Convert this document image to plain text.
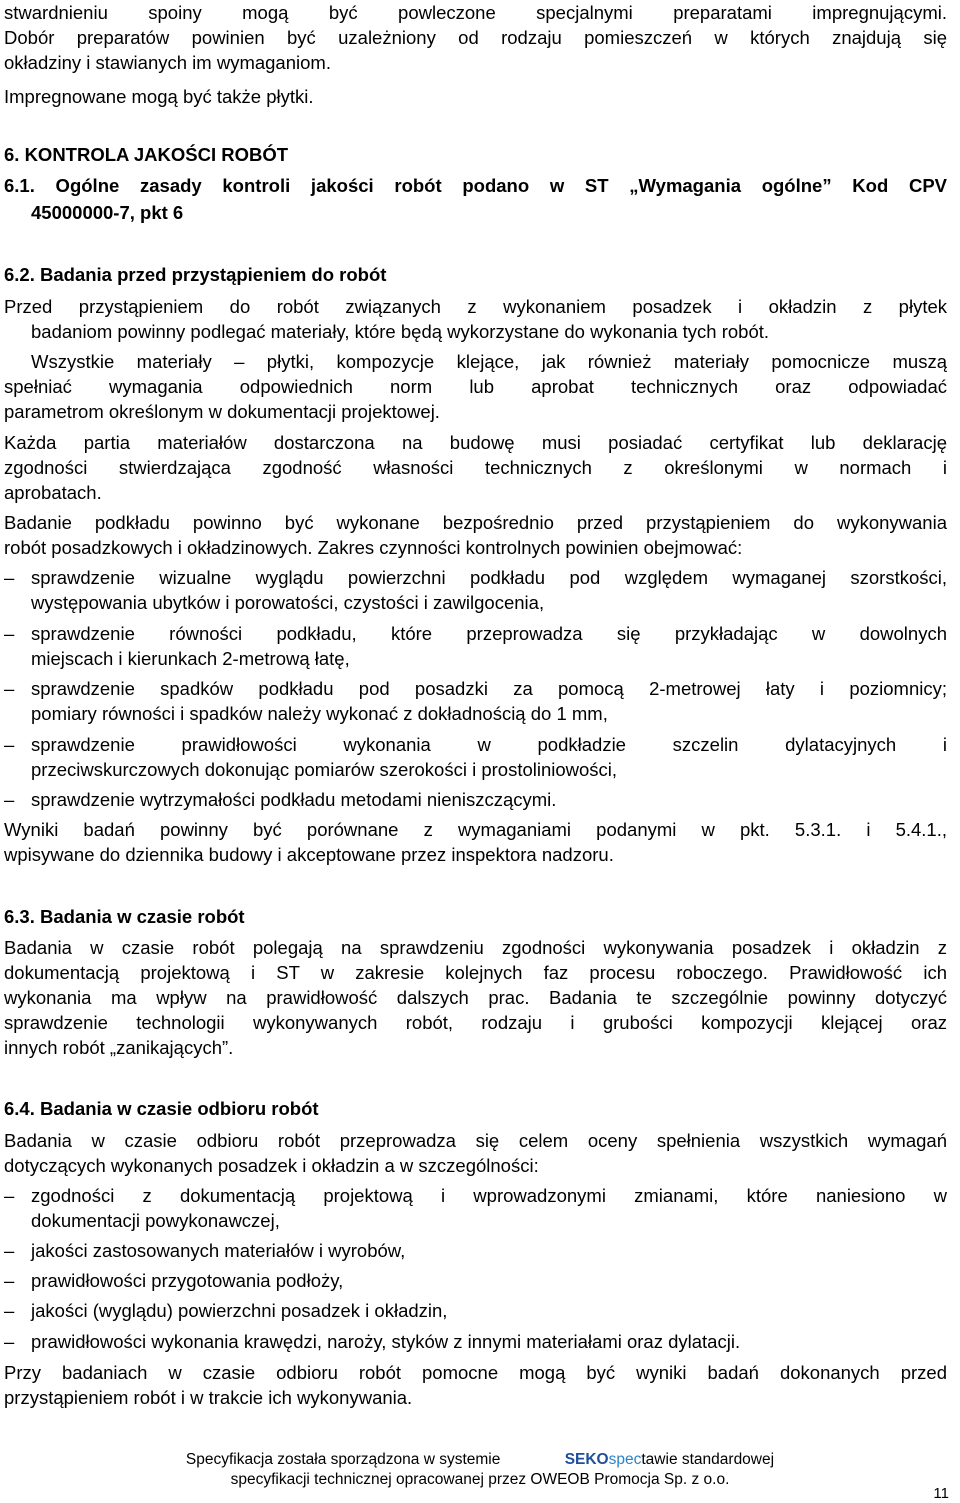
stwardnieniu spoiny mogą być powleczone specjalnymi preparatami impregnującymi.
Dobór preparatów powinien być uzależniony od rodzaju pomieszczeń w których znajdują się
okładziny i stawianych im wymaganiom.
Impregnowane mogą być także płytki.
6. KONTROLA JAKOŚCI ROBÓT
6.1. Ogólne zasady kontroli jakości robót podano w ST „Wymagania ogólne” Kod CPV
45000000-7, pkt 6
6.2. Badania przed przystąpieniem do robót
Przed przystąpieniem do robót związanych z wykonaniem posadzek i okładzin z płytek
badaniom powinny podlegać materiały, które będą wykorzystane do wykonania tych robót.
Wszystkie materiały – płytki, kompozycje klejące, jak również materiały pomocnicze muszą
spełniać wymagania odpowiednich norm lub aprobat technicznych oraz odpowiadać
parametrom określonym w dokumentacji projektowej.
Każda partia materiałów dostarczona na budowę musi posiadać certyfikat lub deklarację
zgodności stwierdzająca zgodność własności technicznych z określonymi w normach i
aprobatach.
Badanie podkładu powinno być wykonane bezpośrednio przed przystąpieniem do wykonywania
robót posadzkowych i okładzinowych. Zakres czynności kontrolnych powinien obejmować:
– sprawdzenie wizualne wyglądu powierzchni podkładu pod względem wymaganej szorstkości,
występowania ubytków i porowatości, czystości i zawilgocenia,
– sprawdzenie równości podkładu, które przeprowadza się przykładając w dowolnych
miejscach i kierunkach 2-metrową łatę,
– sprawdzenie spadków podkładu pod posadzki za pomocą 2-metrowej łaty i poziomnicy;
pomiary równości i spadków należy wykonać z dokładnością do 1 mm,
– sprawdzenie prawidłowości wykonania w podkładzie szczelin dylatacyjnych i
przeciwskurczowych dokonując pomiarów szerokości i prostoliniowości,
– sprawdzenie wytrzymałości podkładu metodami nieniszczącymi.
Wyniki badań powinny być porównane z wymaganiami podanymi w pkt. 5.3.1. i 5.4.1.,
wpisywane do dziennika budowy i akceptowane przez inspektora nadzoru.
6.3. Badania w czasie robót
Badania w czasie robót polegają na sprawdzeniu zgodności wykonywania posadzek i okładzin z
dokumentacją projektową i ST w zakresie kolejnych faz procesu roboczego. Prawidłowość ich
wykonania ma wpływ na prawidłowość dalszych prac. Badania te szczególnie powinny dotyczyć
sprawdzenie technologii wykonywanych robót, rodzaju i grubości kompozycji klejącej oraz
innych robót „zanikających”.
6.4. Badania w czasie odbioru robót
Badania w czasie odbioru robót przeprowadza się celem oceny spełnienia wszystkich wymagań
dotyczących wykonanych posadzek i okładzin a w szczególności:
– zgodności z dokumentacją projektową i wprowadzonymi zmianami, które naniesiono w
dokumentacji powykonawczej,
– jakości zastosowanych materiałów i wyrobów,
– prawidłowości przygotowania podłoży,
– jakości (wyglądu) powierzchni posadzek i okładzin,
– prawidłowości wykonania krawędzi, naroży, styków z innymi materiałami oraz dylatacji.
Przy badaniach w czasie odbioru robót pomocne mogą być wyniki badań dokonanych przed
przystąpieniem robót i w trakcie ich wykonywania.
Specyfikacja została sporządzona w systemie	SEKOspectawie standardowej
specyfikacji technicznej opracowanej przez OWEOB Promocja Sp. z o.o.
11
